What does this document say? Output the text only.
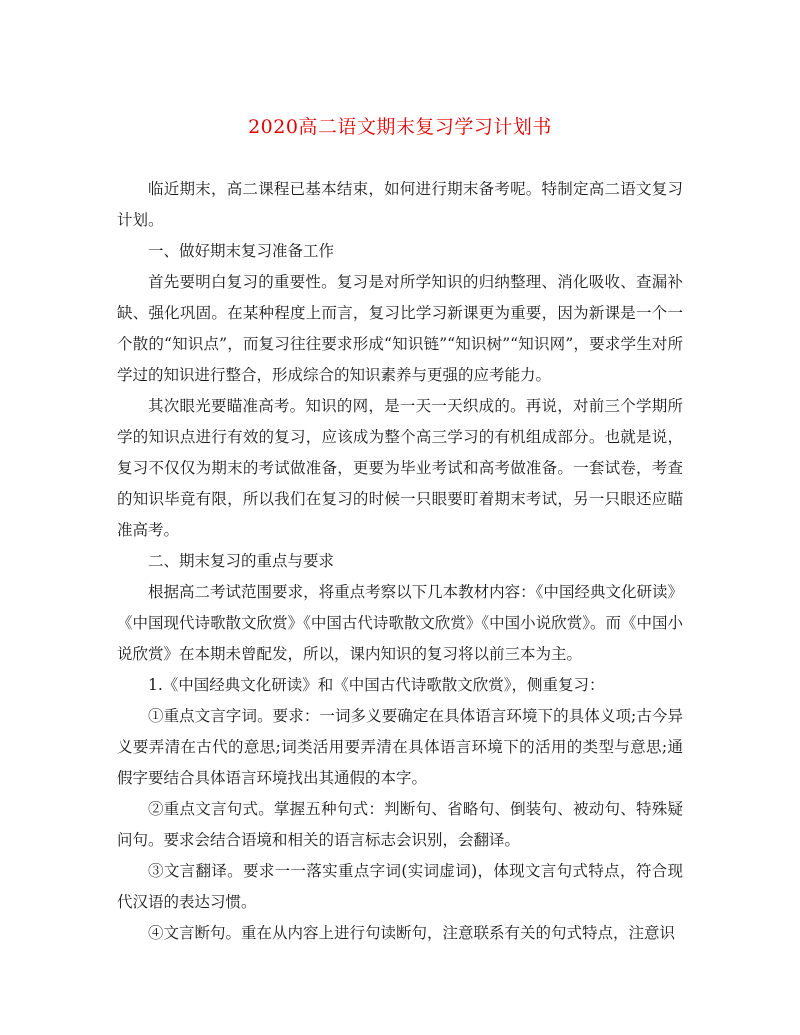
2020高二语文期末复习学习计划书

临近期末，高二课程已基本结束，如何进行期末备考呢。特制定高二语文复习计划。

一、做好期末复习准备工作

首先要明白复习的重要性。复习是对所学知识的归纳整理、消化吸收、查漏补缺、强化巩固。在某种程度上而言，复习比学习新课更为重要，因为新课是一个一个散的“知识点”，而复习往往要求形成“知识链”“知识树”“知识网”，要求学生对所学过的知识进行整合，形成综合的知识素养与更强的应考能力。

其次眼光要瞄准高考。知识的网，是一天一天织成的。再说，对前三个学期所学的知识点进行有效的复习，应该成为整个高三学习的有机组成部分。也就是说，复习不仅仅为期末的考试做准备，更要为毕业考试和高考做准备。一套试卷，考查的知识毕竟有限，所以我们在复习的时候一只眼要盯着期末考试，另一只眼还应瞄准高考。

二、期末复习的重点与要求

根据高二考试范围要求，将重点考察以下几本教材内容：《中国经典文化研读》《中国现代诗歌散文欣赏》《中国古代诗歌散文欣赏》《中国小说欣赏》。而《中国小说欣赏》在本期未曾配发，所以，课内知识的复习将以前三本为主。

1.《中国经典文化研读》和《中国古代诗歌散文欣赏》，侧重复习：

①重点文言字词。要求：一词多义要确定在具体语言环境下的具体义项;古今异义要弄清在古代的意思;词类活用要弄清在具体语言环境下的活用的类型与意思;通假字要结合具体语言环境找出其通假的本字。

②重点文言句式。掌握五种句式：判断句、省略句、倒装句、被动句、特殊疑问句。要求会结合语境和相关的语言标志会识别，会翻译。

③文言翻译。要求一一落实重点字词(实词虚词)，体现文言句式特点，符合现代汉语的表达习惯。

④文言断句。重在从内容上进行句读断句，注意联系有关的句式特点，注意识
